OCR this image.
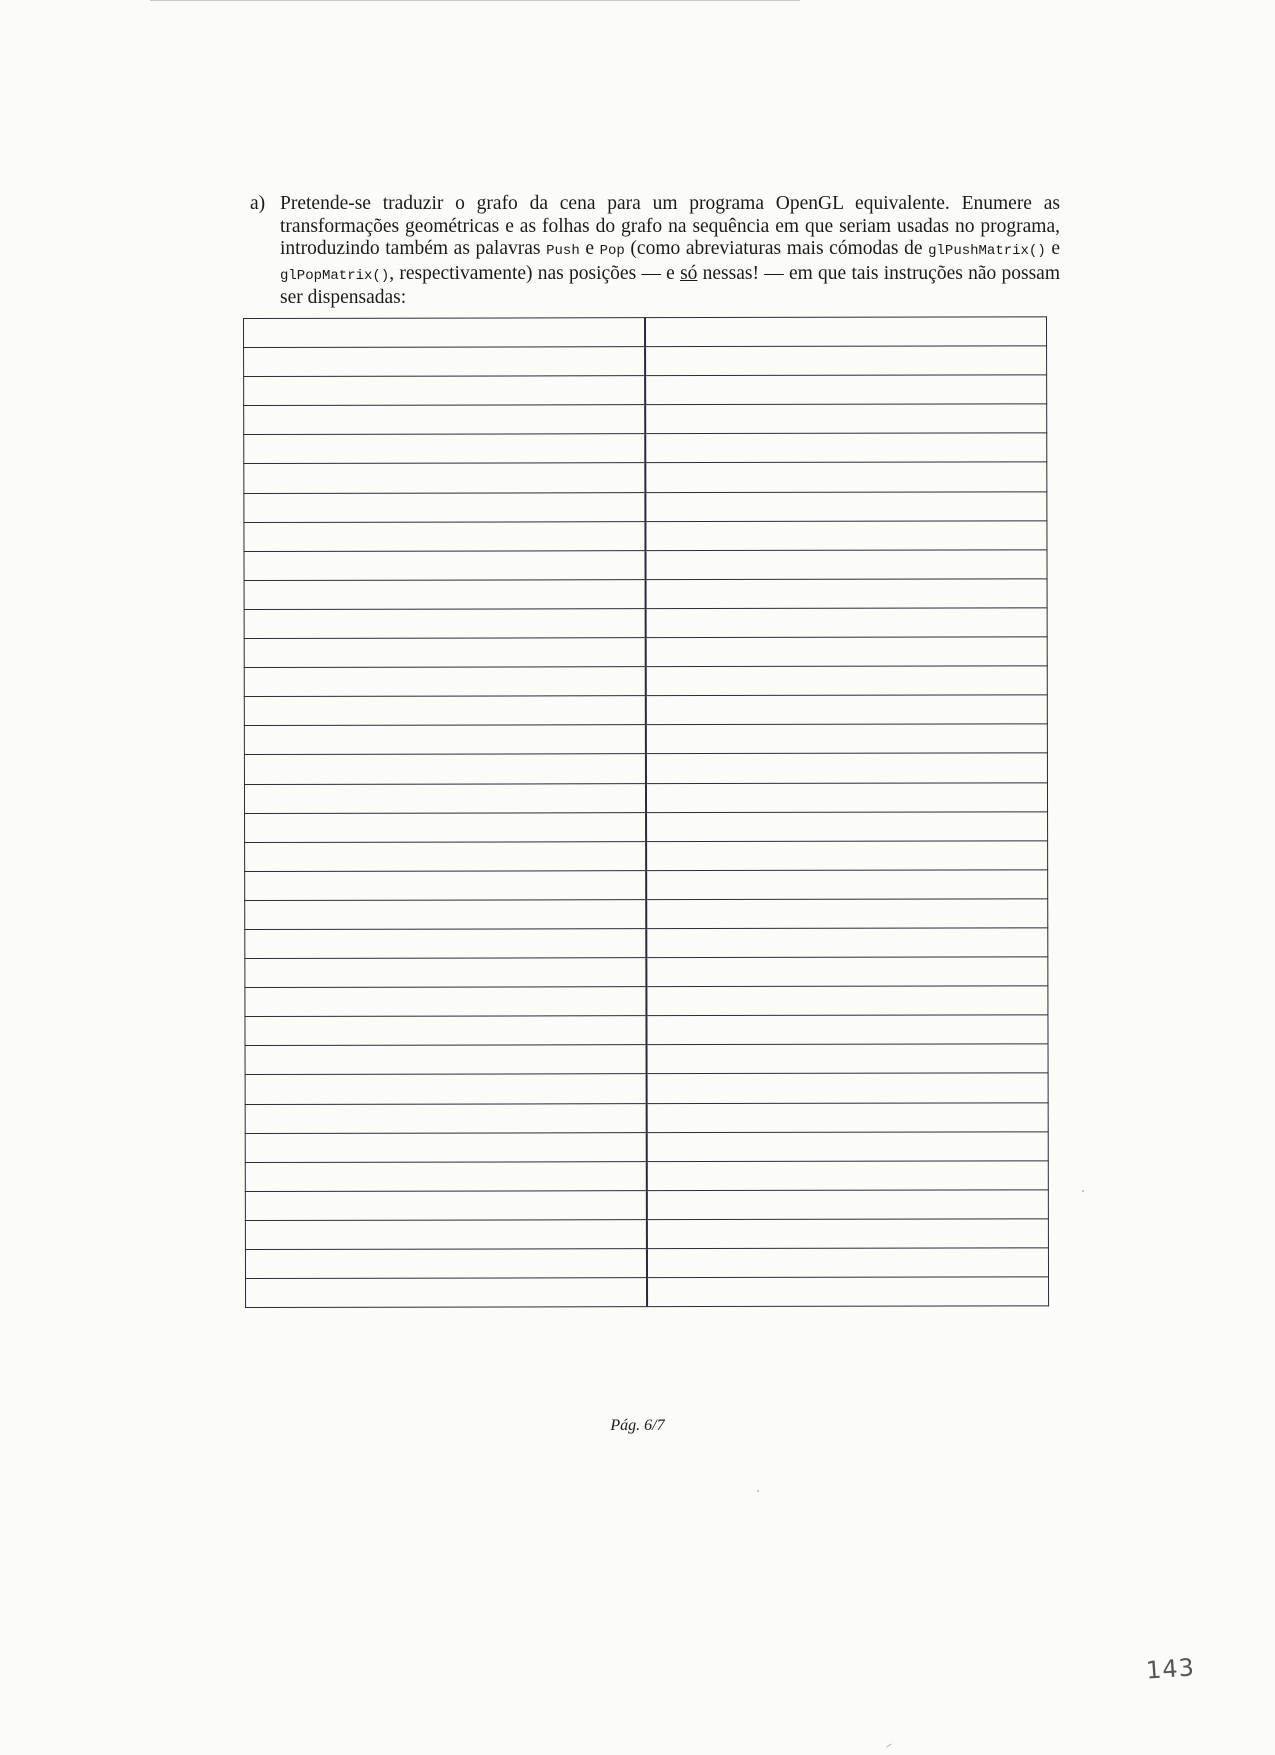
a) Pretende-se traduzir o grafo da cena para um programa OpenGL equivalente. Enumere as transformações geométricas e as folhas do grafo na sequência em que seriam usadas no programa, introduzindo também as palavras Push e Pop (como abreviaturas mais cómodas de glPushMatrix() e glPopMatrix(), respectivamente) nas posições — e só nessas! — em que tais instruções não possam ser dispensadas:

Pág. 6/7
143
